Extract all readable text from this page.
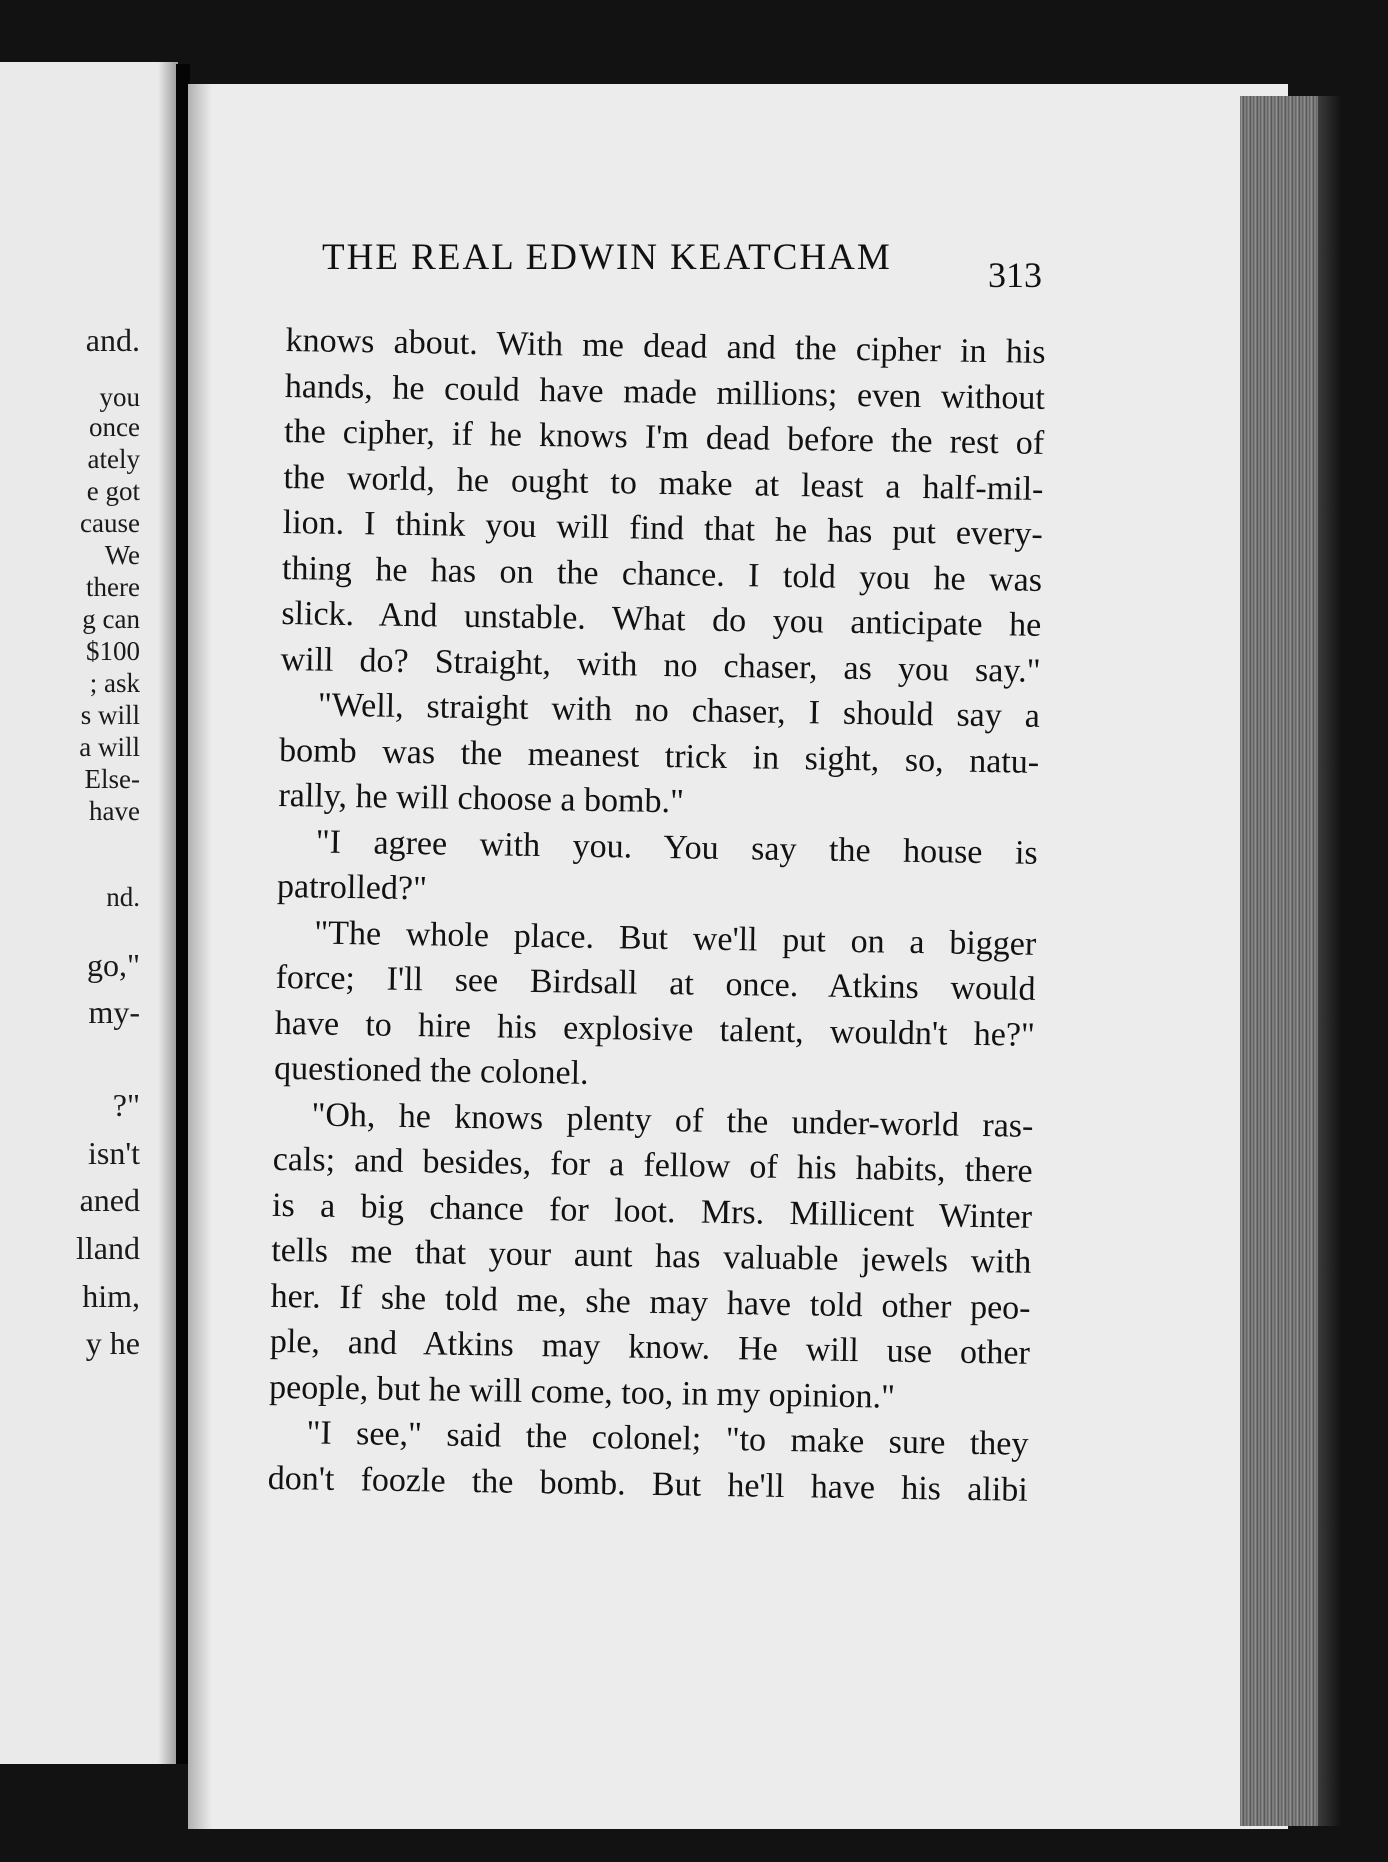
and.
you
once
ately
e got
cause
We
there
g can
$100
; ask
s will
a will
Else-
have
nd.
go,"
my-
?"
isn't
aned
lland
him,
y he
THE REAL EDWIN KEATCHAM	313
knows about. With me dead and the cipher in his
hands, he could have made millions; even without
the cipher, if he knows I'm dead before the rest of
the world, he ought to make at least a half-mil-
lion. I think you will find that he has put every-
thing he has on the chance. I told you he was
slick. And unstable. What do you anticipate he
will do? Straight, with no chaser, as you say."
"Well, straight with no chaser, I should say a
bomb was the meanest trick in sight, so, natu-
rally, he will choose a bomb."
"I agree with you. You say the house is
patrolled?"
"The whole place. But we'll put on a bigger
force; I'll see Birdsall at once. Atkins would
have to hire his explosive talent, wouldn't he?"
questioned the colonel.
"Oh, he knows plenty of the under-world ras-
cals; and besides, for a fellow of his habits, there
is a big chance for loot. Mrs. Millicent Winter
tells me that your aunt has valuable jewels with
her. If she told me, she may have told other peo-
ple, and Atkins may know. He will use other
people, but he will come, too, in my opinion."
"I see," said the colonel; "to make sure they
don't foozle the bomb. But he'll have his alibi
